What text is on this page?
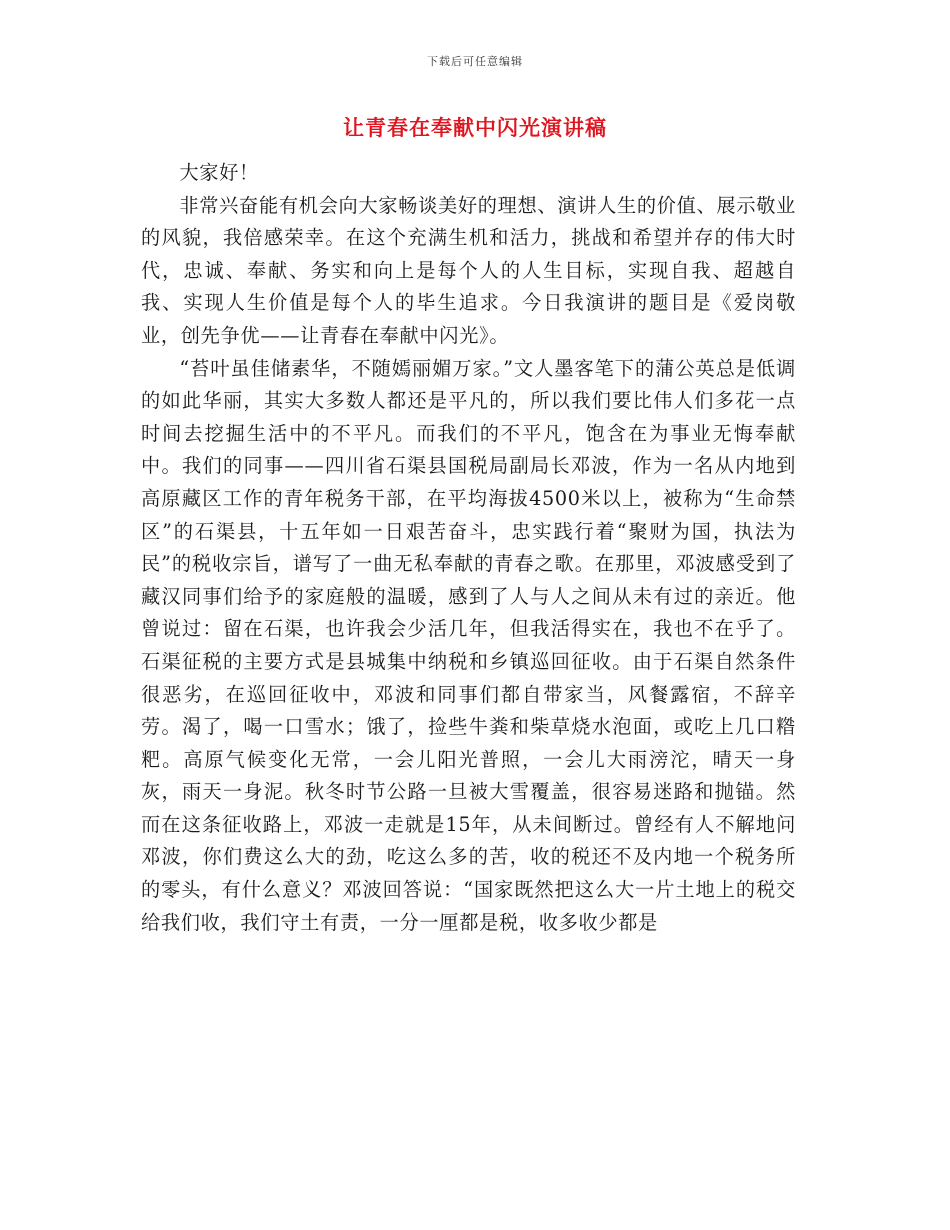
下载后可任意编辑
让青春在奉献中闪光演讲稿

大家好！

非常兴奋能有机会向大家畅谈美好的理想、演讲人生的价值、展示敬业的风貌，我倍感荣幸。在这个充满生机和活力，挑战和希望并存的伟大时代，忠诚、奉献、务实和向上是每个人的人生目标，实现自我、超越自我、实现人生价值是每个人的毕生追求。今日我演讲的题目是《爱岗敬业，创先争优——让青春在奉献中闪光》。

“苔叶虽佳储素华，不随嫣丽媚万家。”文人墨客笔下的蒲公英总是低调的如此华丽，其实大多数人都还是平凡的，所以我们要比伟人们多花一点时间去挖掘生活中的不平凡。而我们的不平凡，饱含在为事业无悔奉献中。我们的同事——四川省石渠县国税局副局长邓波，作为一名从内地到高原藏区工作的青年税务干部，在平均海拔4500米以上，被称为“生命禁区”的石渠县，十五年如一日艰苦奋斗，忠实践行着“聚财为国，执法为民”的税收宗旨，谱写了一曲无私奉献的青春之歌。在那里，邓波感受到了藏汉同事们给予的家庭般的温暖，感到了人与人之间从未有过的亲近。他曾说过：留在石渠，也许我会少活几年，但我活得实在，我也不在乎了。石渠征税的主要方式是县城集中纳税和乡镇巡回征收。由于石渠自然条件很恶劣，在巡回征收中，邓波和同事们都自带家当，风餐露宿，不辞辛劳。渴了，喝一口雪水；饿了，捡些牛粪和柴草烧水泡面，或吃上几口糌粑。高原气候变化无常，一会儿阳光普照，一会儿大雨滂沱，晴天一身灰，雨天一身泥。秋冬时节公路一旦被大雪覆盖，很容易迷路和抛锚。然而在这条征收路上，邓波一走就是15年，从未间断过。曾经有人不解地问邓波，你们费这么大的劲，吃这么多的苦，收的税还不及内地一个税务所的零头，有什么意义？邓波回答说：“国家既然把这么大一片土地上的税交给我们收，我们守土有责，一分一厘都是税，收多收少都是
